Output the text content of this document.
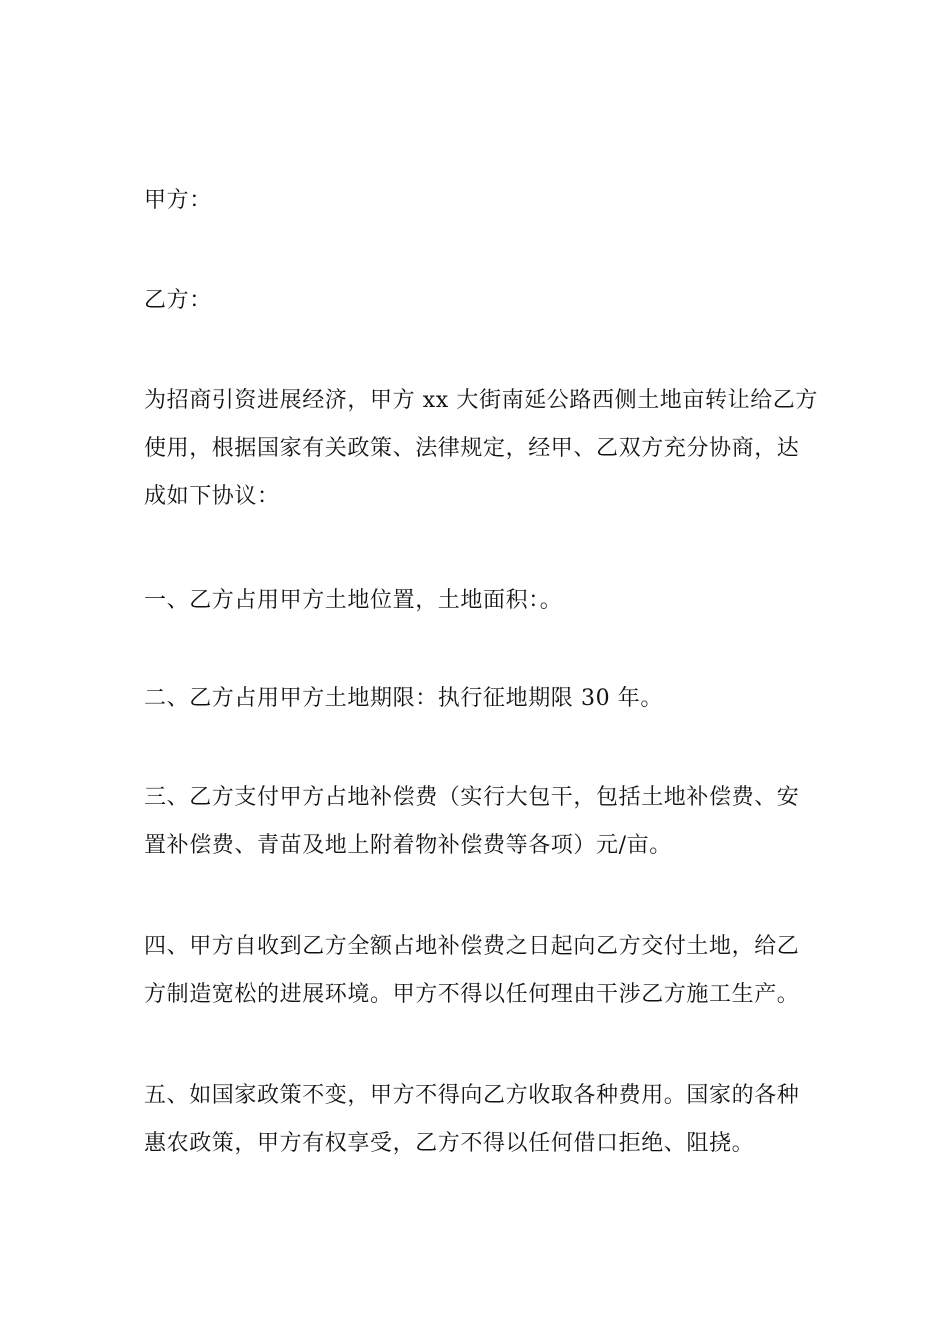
甲方：

乙方：

为招商引资进展经济，甲方 xx 大街南延公路西侧土地亩转让给乙方
使用，根据国家有关政策、法律规定，经甲、乙双方充分协商，达
成如下协议：

一、乙方占用甲方土地位置，土地面积：。

二、乙方占用甲方土地期限：执行征地期限 30 年。

三、乙方支付甲方占地补偿费（实行大包干，包括土地补偿费、安
置补偿费、青苗及地上附着物补偿费等各项）元/亩。

四、甲方自收到乙方全额占地补偿费之日起向乙方交付土地，给乙
方制造宽松的进展环境。甲方不得以任何理由干涉乙方施工生产。

五、如国家政策不变，甲方不得向乙方收取各种费用。国家的各种
惠农政策，甲方有权享受，乙方不得以任何借口拒绝、阻挠。
